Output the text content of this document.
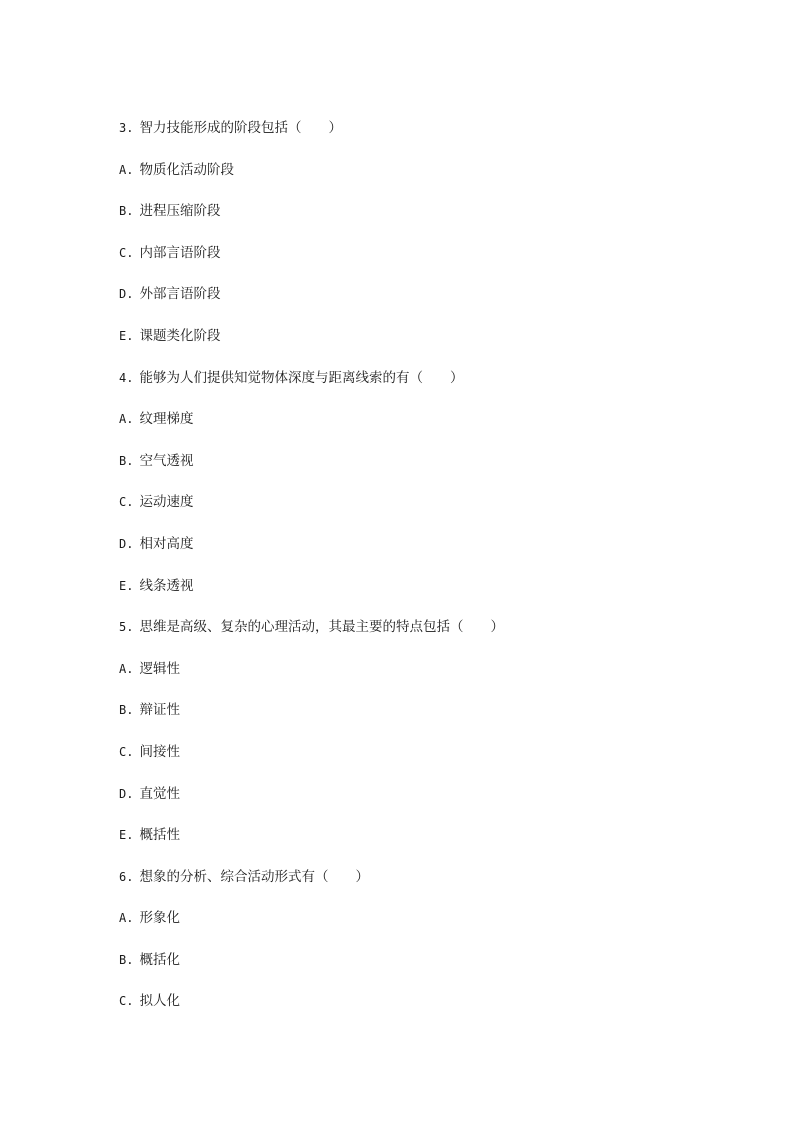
3. 智力技能形成的阶段包括（　　）
A. 物质化活动阶段
B. 进程压缩阶段
C. 内部言语阶段
D. 外部言语阶段
E. 课题类化阶段
4. 能够为人们提供知觉物体深度与距离线索的有（　　）
A. 纹理梯度
B. 空气透视
C. 运动速度
D. 相对高度
E. 线条透视
5. 思维是高级、复杂的心理活动，其最主要的特点包括（　　）
A. 逻辑性
B. 辩证性
C. 间接性
D. 直觉性
E. 概括性
6. 想象的分析、综合活动形式有（　　）
A. 形象化
B. 概括化
C. 拟人化
